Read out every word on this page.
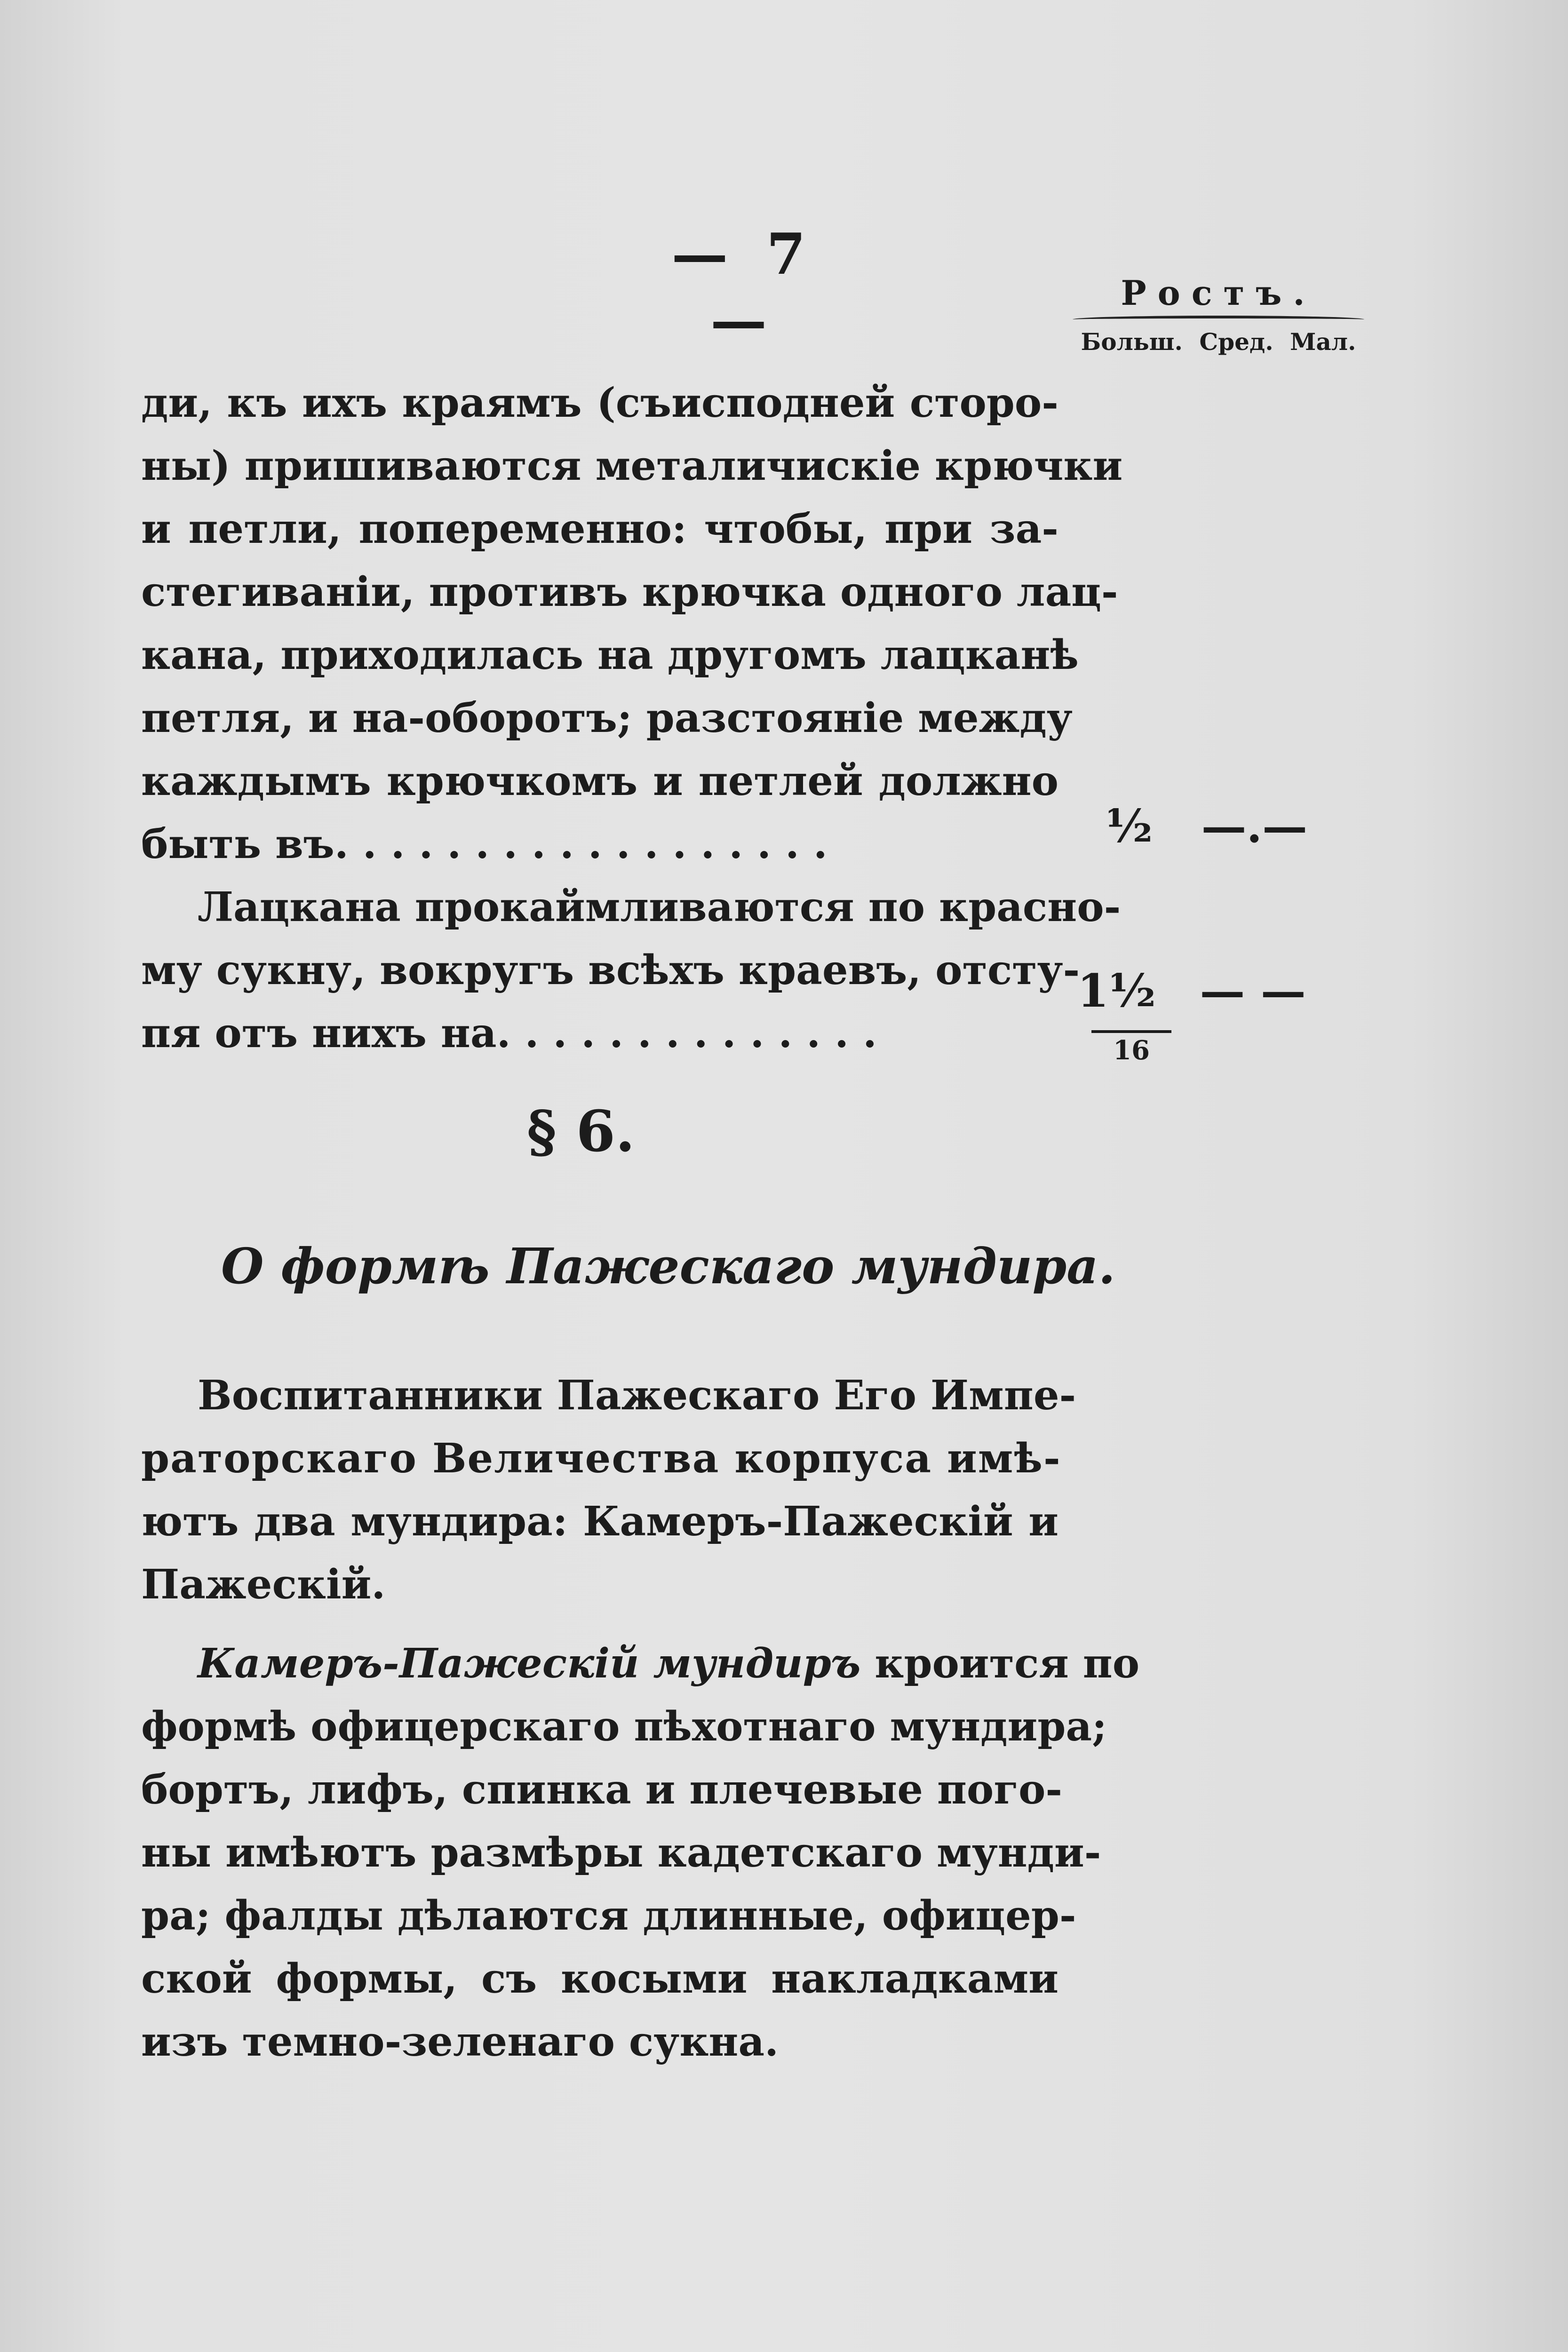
— 7 —	Ростъ.
Больш. Сред. Мал.
ди, къ ихъ краямъ (съисподней сторо-
ны) пришиваются металичискіе крючки
и петли, попеременно: чтобы, при за-
стегиваніи, противъ крючка одного лац-
кана, приходилась на другомъ лацканѣ
петля, и на-оборотъ; разстояніе между
каждымъ крючкомъ и петлей должно
быть въ. . . . . . . . . . . . . . . . . .
Лацкана прокаймливаются по красно-
му сукну, вокругъ всѣхъ краевъ, отсту-
пя отъ нихъ на. . . . . . . . . . . . . .
½ —.—
1½ — —
16
§ 6.
О формѣ Пажескаго мундира.
Воспитанники Пажескаго Его Импе-
раторскаго Величества корпуса имѣ-
ютъ два мундира: Камеръ-Пажескій и
Пажескій.
Камеръ-Пажескій мундиръ кроится по
формѣ офицерскаго пѣхотнаго мундира;
бортъ, лифъ, спинка и плечевые пого-
ны имѣютъ размѣры кадетскаго мунди-
ра; фалды дѣлаются длинные, офицер-
ской формы, съ косыми накладками
изъ темно-зеленаго сукна.
